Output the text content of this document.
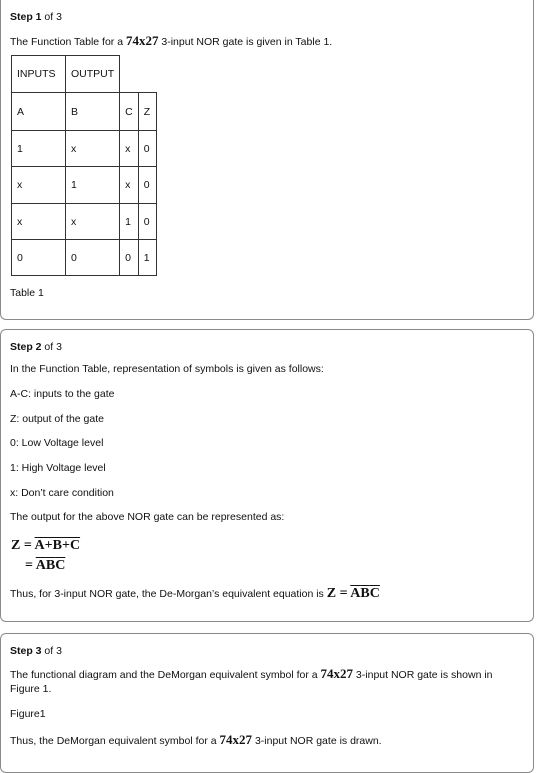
Step 1 of 3
The Function Table for a 74x27 3-input NOR gate is given in Table 1.
INPUTS	OUTPUT		
A	B	C	Z
1	x	x	0
x	1	x	0
x	x	1	0
0	0	0	1
Table 1
Step 2 of 3
In the Function Table, representation of symbols is given as follows:
A-C: inputs to the gate
Z: output of the gate
0: Low Voltage level
1: High Voltage level
x: Don’t care condition
The output for the above NOR gate can be represented as:
Z = A+B+C
= $\overline{A}\overline{B}\overline{C}$
Thus, for 3-input NOR gate, the De-Morgan’s equivalent equation is $Z = \overline{A}\overline{B}\overline{C}$
Step 3 of 3
The functional diagram and the DeMorgan equivalent symbol for a 74x27 3-input NOR gate is shown in
Figure 1.
Figure1
Thus, the DeMorgan equivalent symbol for a 74x27 3-input NOR gate is drawn.
